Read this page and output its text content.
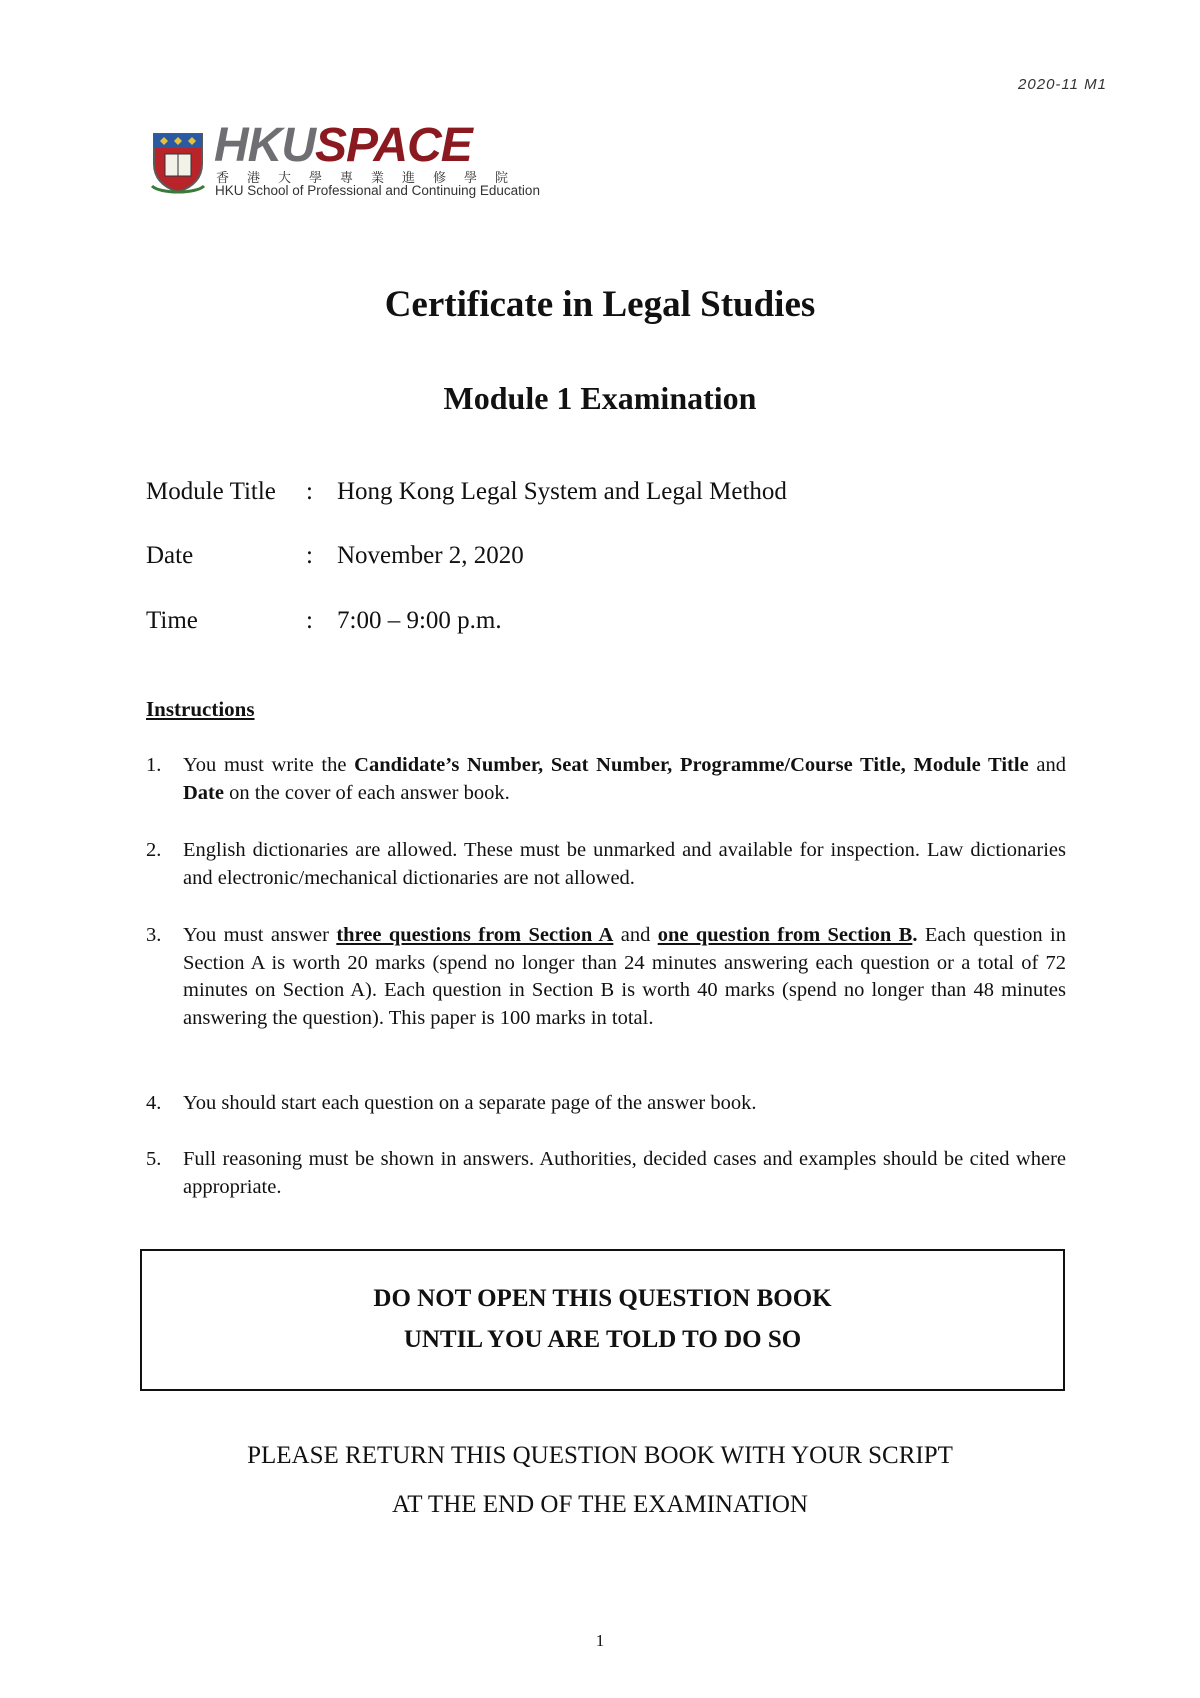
2020-11 M1
HKUSPACE
香港大學專業進修學院
HKU School of Professional and Continuing Education
Certificate in Legal Studies
Module 1 Examination
Module Title : Hong Kong Legal System and Legal Method
Date	: November 2, 2020
Time	: 7:00 – 9:00 p.m.
Instructions
1. You must write the Candidate’s Number, Seat Number, Programme/Course Title, Module Title and Date on the cover of each answer book.
2. English dictionaries are allowed. These must be unmarked and available for inspection. Law dictionaries and electronic/mechanical dictionaries are not allowed.
3. You must answer three questions from Section A and one question from Section B. Each question in Section A is worth 20 marks (spend no longer than 24 minutes answering each question or a total of 72 minutes on Section A). Each question in Section B is worth 40 marks (spend no longer than 48 minutes answering the question). This paper is 100 marks in total.
4. You should start each question on a separate page of the answer book.
5. Full reasoning must be shown in answers. Authorities, decided cases and examples should be cited where appropriate.
DO NOT OPEN THIS QUESTION BOOK
UNTIL YOU ARE TOLD TO DO SO
PLEASE RETURN THIS QUESTION BOOK WITH YOUR SCRIPT
AT THE END OF THE EXAMINATION
1
